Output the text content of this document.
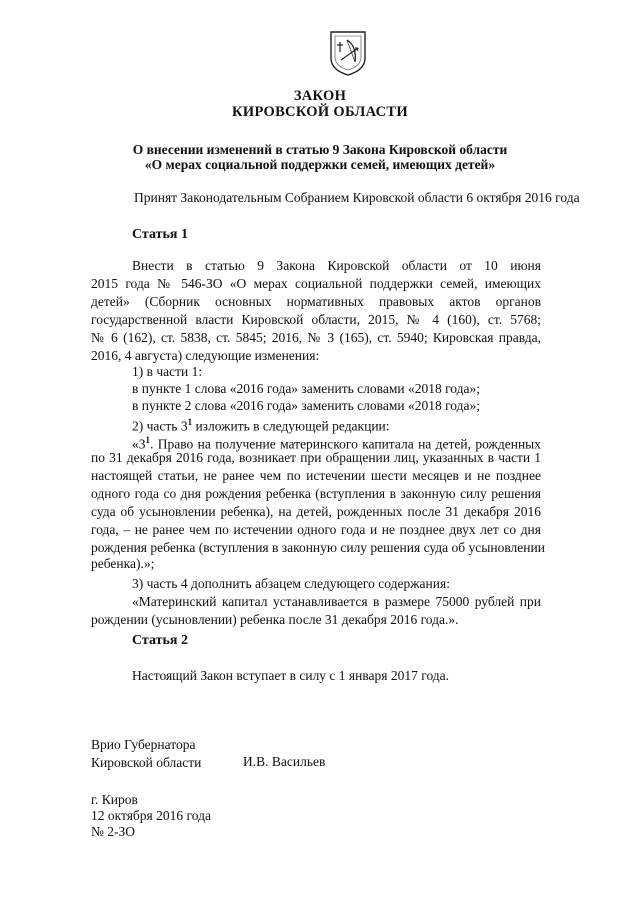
ЗАКОН
КИРОВСКОЙ ОБЛАСТИ
О внесении изменений в статью 9 Закона Кировской области
«О мерах социальной поддержки семей, имеющих детей»
Принят Законодательным Собранием Кировской области 6 октября 2016 года
Статья 1
Внести в статью 9 Закона Кировской области от 10 июня
2015 года № 546-ЗО «О мерах социальной поддержки семей, имеющих
детей» (Сборник основных нормативных правовых актов органов
государственной власти Кировской области, 2015, № 4 (160), ст. 5768;
№ 6 (162), ст. 5838, ст. 5845; 2016, № 3 (165), ст. 5940; Кировская правда,
2016, 4 августа) следующие изменения:
1) в части 1:
в пункте 1 слова «2016 года» заменить словами «2018 года»;
в пункте 2 слова «2016 года» заменить словами «2018 года»;
2) часть $3^1$ изложить в следующей редакции:
«$3^1$. Право на получение материнского капитала на детей, рожденных
по 31 декабря 2016 года, возникает при обращении лиц, указанных в части 1
настоящей статьи, не ранее чем по истечении шести месяцев и не позднее
одного года со дня рождения ребенка (вступления в законную силу решения
суда об усыновлении ребенка), на детей, рожденных после 31 декабря 2016
года, – не ранее чем по истечении одного года и не позднее двух лет со дня
рождения ребенка (вступления в законную силу решения суда об усыновлении
ребенка).»;
3) часть 4 дополнить абзацем следующего содержания:
«Материнский капитал устанавливается в размере 75000 рублей при
рождении (усыновлении) ребенка после 31 декабря 2016 года.».
Статья 2
Настоящий Закон вступает в силу с 1 января 2017 года.
Врио Губернатора
Кировской области	И.В. Васильев
г. Киров
12 октября 2016 года
№ 2-ЗО
